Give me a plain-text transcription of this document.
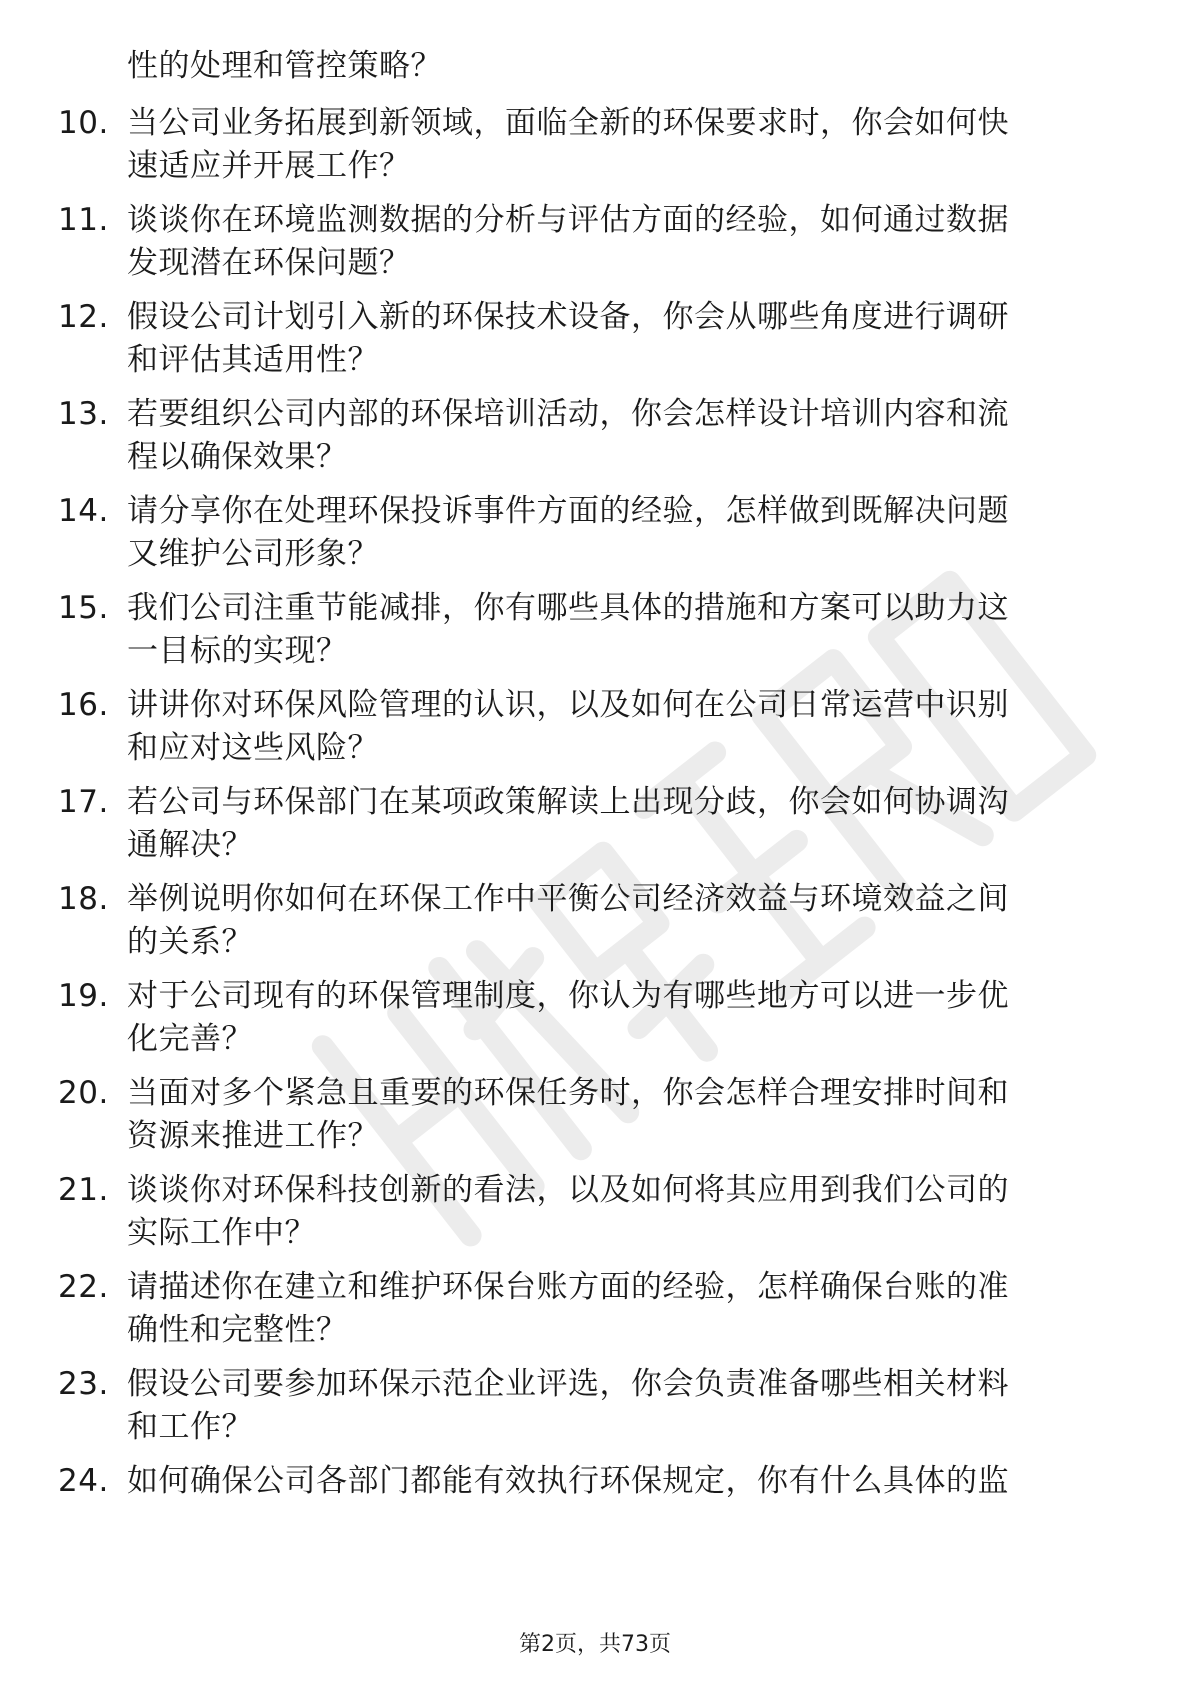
性的处理和管控策略？
10. 当公司业务拓展到新领域，面临全新的环保要求时，你会如何快
速适应并开展工作？
11. 谈谈你在环境监测数据的分析与评估方面的经验，如何通过数据
发现潜在环保问题？
12. 假设公司计划引入新的环保技术设备，你会从哪些角度进行调研
和评估其适用性？
13. 若要组织公司内部的环保培训活动，你会怎样设计培训内容和流
程以确保效果？
14. 请分享你在处理环保投诉事件方面的经验，怎样做到既解决问题
又维护公司形象？
15. 我们公司注重节能减排，你有哪些具体的措施和方案可以助力这
一目标的实现？
16. 讲讲你对环保风险管理的认识，以及如何在公司日常运营中识别
和应对这些风险？
17. 若公司与环保部门在某项政策解读上出现分歧，你会如何协调沟
通解决？
18. 举例说明你如何在环保工作中平衡公司经济效益与环境效益之间
的关系？
19. 对于公司现有的环保管理制度，你认为有哪些地方可以进一步优
化完善？
20. 当面对多个紧急且重要的环保任务时，你会怎样合理安排时间和
资源来推进工作？
21. 谈谈你对环保科技创新的看法，以及如何将其应用到我们公司的
实际工作中？
22. 请描述你在建立和维护环保台账方面的经验，怎样确保台账的准
确性和完整性？
23. 假设公司要参加环保示范企业评选，你会负责准备哪些相关材料
和工作？
24. 如何确保公司各部门都能有效执行环保规定，你有什么具体的监
第2页，共73页
